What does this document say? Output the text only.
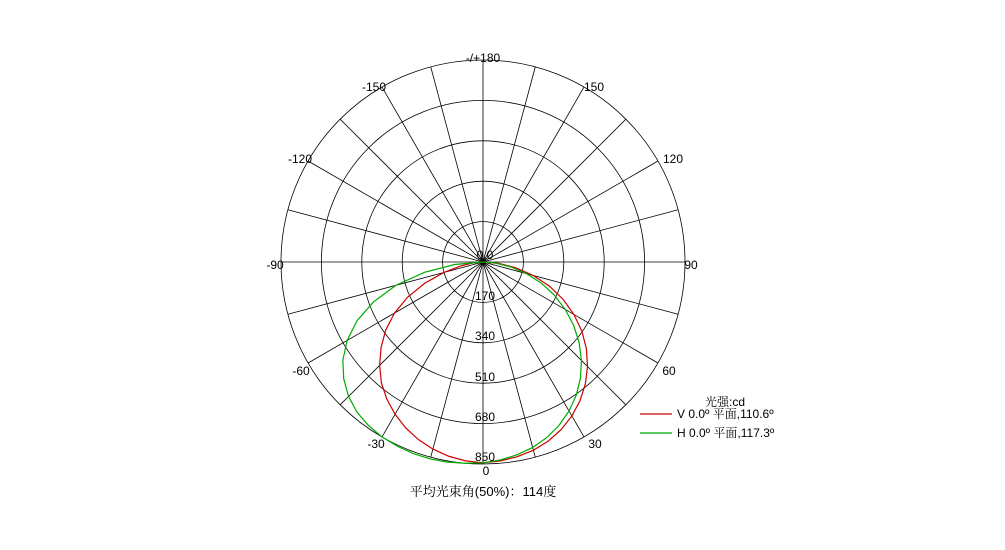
-/+180
150
120
90
60
30
0
-30
-60
-90
-120
-150
0.0
170
340
510
680
850
平均光束角(50%)：114度
光强:cd
V 0.0º 平面,110.6º
H 0.0º 平面,117.3º
